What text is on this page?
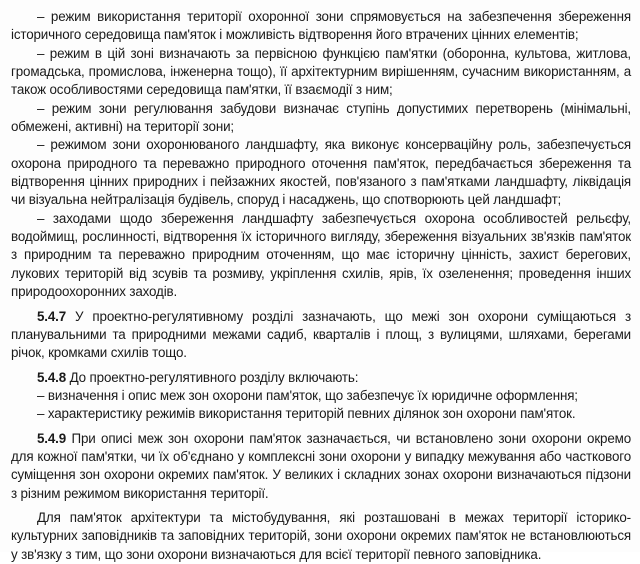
– режим використання території охоронної зони спрямовується на забезпечення збереження історичного середовища пам'яток і можливість відтворення його втрачених цінних елементів;

– режим в цій зоні визначають за первісною функцією пам'ятки (оборонна, культова, житлова, громадська, промислова, інженерна тощо), її архітектурним вирішенням, сучасним використанням, а також особливостями середовища пам'ятки, її взаємодії з ним;

– режим зони регулювання забудови визначає ступінь допустимих перетворень (мінімальні, обмежені, активні) на території зони;

– режимом зони охоронюваного ландшафту, яка виконує консерваційну роль, забезпечується охорона природного та переважно природного оточення пам'яток, передбачається збереження та відтворення цінних природних і пейзажних якостей, пов'язаного з пам'ятками ландшафту, ліквідація чи візуальна нейтралізація будівель, споруд і насаджень, що спотворюють цей ландшафт;

– заходами щодо збереження ландшафту забезпечується охорона особливостей рельєфу, водоймищ, рослинності, відтворення їх історичного вигляду, збереження візуальних зв'язків пам'яток з природним та переважно природним оточенням, що має історичну цінність, захист берегових, лукових територій від зсувів та розмиву, укріплення схилів, ярів, їх озеленення; проведення інших природоохоронних заходів.

5.4.7 У проектно-регулятивному розділі зазначають, що межі зон охорони суміщаються з планувальними та природними межами садиб, кварталів і площ, з вулицями, шляхами, берегами річок, кромками схилів тощо.

5.4.8 До проектно-регулятивного розділу включають:

– визначення і опис меж зон охорони пам'яток, що забезпечує їх юридичне оформлення;

– характеристику режимів використання територій певних ділянок зон охорони пам'яток.

5.4.9 При описі меж зон охорони пам'яток зазначається, чи встановлено зони охорони окремо для кожної пам'ятки, чи їх об'єднано у комплексні зони охорони у випадку межування або часткового суміщення зон охорони окремих пам'яток. У великих і складних зонах охорони визначаються підзони з різним режимом використання території.

Для пам'яток архітектури та містобудування, які розташовані в межах території історико-культурних заповідників та заповідних територій, зони охорони окремих пам'яток не встановлюються у зв'язку з тим, що зони охорони визначаються для всієї території певного заповідника.
